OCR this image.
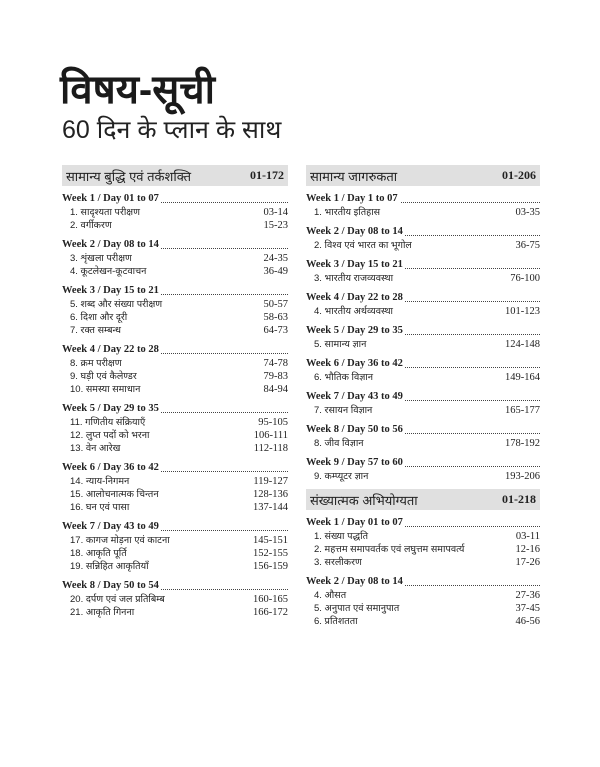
विषय-सूची
60 दिन के प्लान के साथ
सामान्य बुद्धि एवं तर्कशक्ति	01-172
Week 1 / Day 01 to 07
1. सादृश्यता परीक्षण	03-14
2. वर्गीकरण	15-23
Week 2 / Day 08 to 14
3. शृंखला परीक्षण	24-35
4. कूटलेखन-कूटवाचन	36-49
Week 3 / Day 15 to 21
5. शब्द और संख्या परीक्षण	50-57
6. दिशा और दूरी	58-63
7. रक्त सम्बन्ध	64-73
Week 4 / Day 22 to 28
8. क्रम परीक्षण	74-78
9. घड़ी एवं कैलेण्डर	79-83
10. समस्या समाधान	84-94
Week 5 / Day 29 to 35
11. गणितीय संक्रियाएँ	95-105
12. लुप्त पदों को भरना	106-111
13. वेन आरेख	112-118
Week 6 / Day 36 to 42
14. न्याय-निगमन	119-127
15. आलोचनात्मक चिन्तन	128-136
16. घन एवं पासा	137-144
Week 7 / Day 43 to 49
17. कागज मोड़ना एवं काटना	145-151
18. आकृति पूर्ति	152-155
19. सन्निहित आकृतियाँ	156-159
Week 8 / Day 50 to 54
20. दर्पण एवं जल प्रतिबिम्ब	160-165
21. आकृति गिनना	166-172
सामान्य जागरुकता	01-206
Week 1 / Day 1 to 07
1. भारतीय इतिहास	03-35
Week 2 / Day 08 to 14
2. विश्व एवं भारत का भूगोल	36-75
Week 3 / Day 15 to 21
3. भारतीय राजव्यवस्था	76-100
Week 4 / Day 22 to 28
4. भारतीय अर्थव्यवस्था	101-123
Week 5 / Day 29 to 35
5. सामान्य ज्ञान	124-148
Week 6 / Day 36 to 42
6. भौतिक विज्ञान	149-164
Week 7 / Day 43 to 49
7. रसायन विज्ञान	165-177
Week 8 / Day 50 to 56
8. जीव विज्ञान	178-192
Week 9 / Day 57 to 60
9. कम्प्यूटर ज्ञान	193-206
संख्यात्मक अभियोग्यता	01-218
Week 1 / Day 01 to 07
1. संख्या पद्धति	03-11
2. महत्तम समापवर्तक एवं लघुत्तम समापवर्त्य	12-16
3. सरलीकरण	17-26
Week 2 / Day 08 to 14
4. औसत	27-36
5. अनुपात एवं समानुपात	37-45
6. प्रतिशतता	46-56
